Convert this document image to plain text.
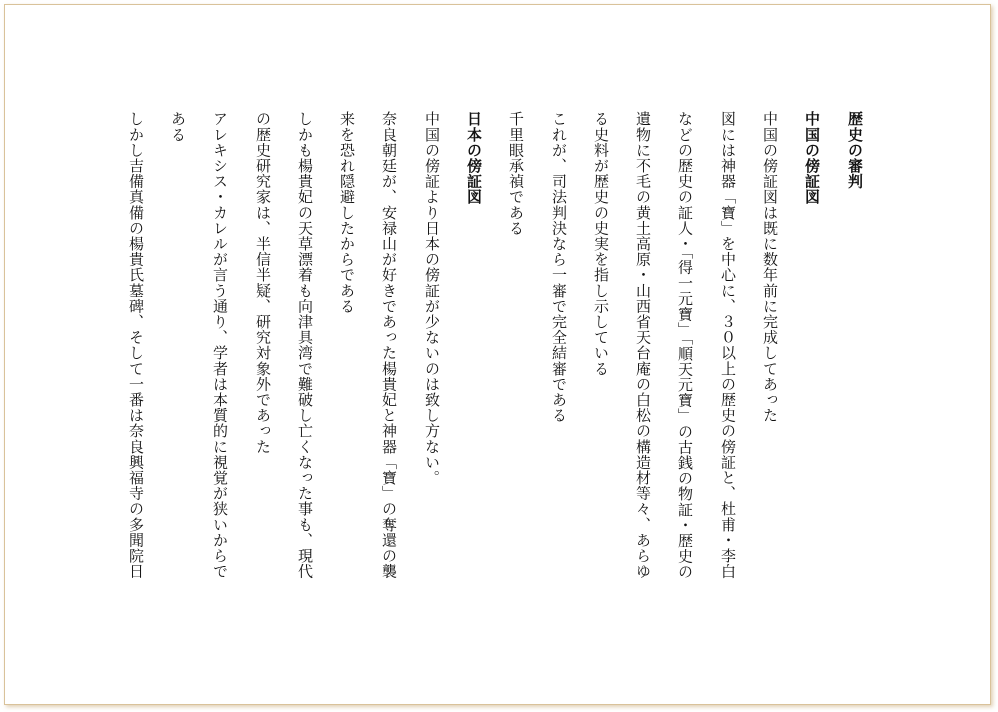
歴史の審判
中国の傍証図
中国の傍証図は既に数年前に完成してあった
図には神器「寶」を中心に、３０以上の歴史の傍証と、杜甫・李白
などの歴史の証人・「得一元寶」「順天元寶」の古銭の物証・歴史の
遺物に不毛の黄土高原・山西省天台庵の白松の構造材等々、あらゆ
る史料が歴史の史実を指し示している
これが、司法判決なら一審で完全結審である
千里眼承禎である
日本の傍証図
中国の傍証より日本の傍証が少ないのは致し方ない。
奈良朝廷が、安禄山が好きであった楊貴妃と神器「寶」の奪還の襲
来を恐れ隠避したからである
しかも楊貴妃の天草漂着も向津具湾で難破し亡くなった事も、現代
の歴史研究家は、半信半疑、研究対象外であった
アレキシス・カレルが言う通り、学者は本質的に視覚が狭いからで
ある
しかし吉備真備の楊貴氏墓碑、そして一番は奈良興福寺の多聞院日
